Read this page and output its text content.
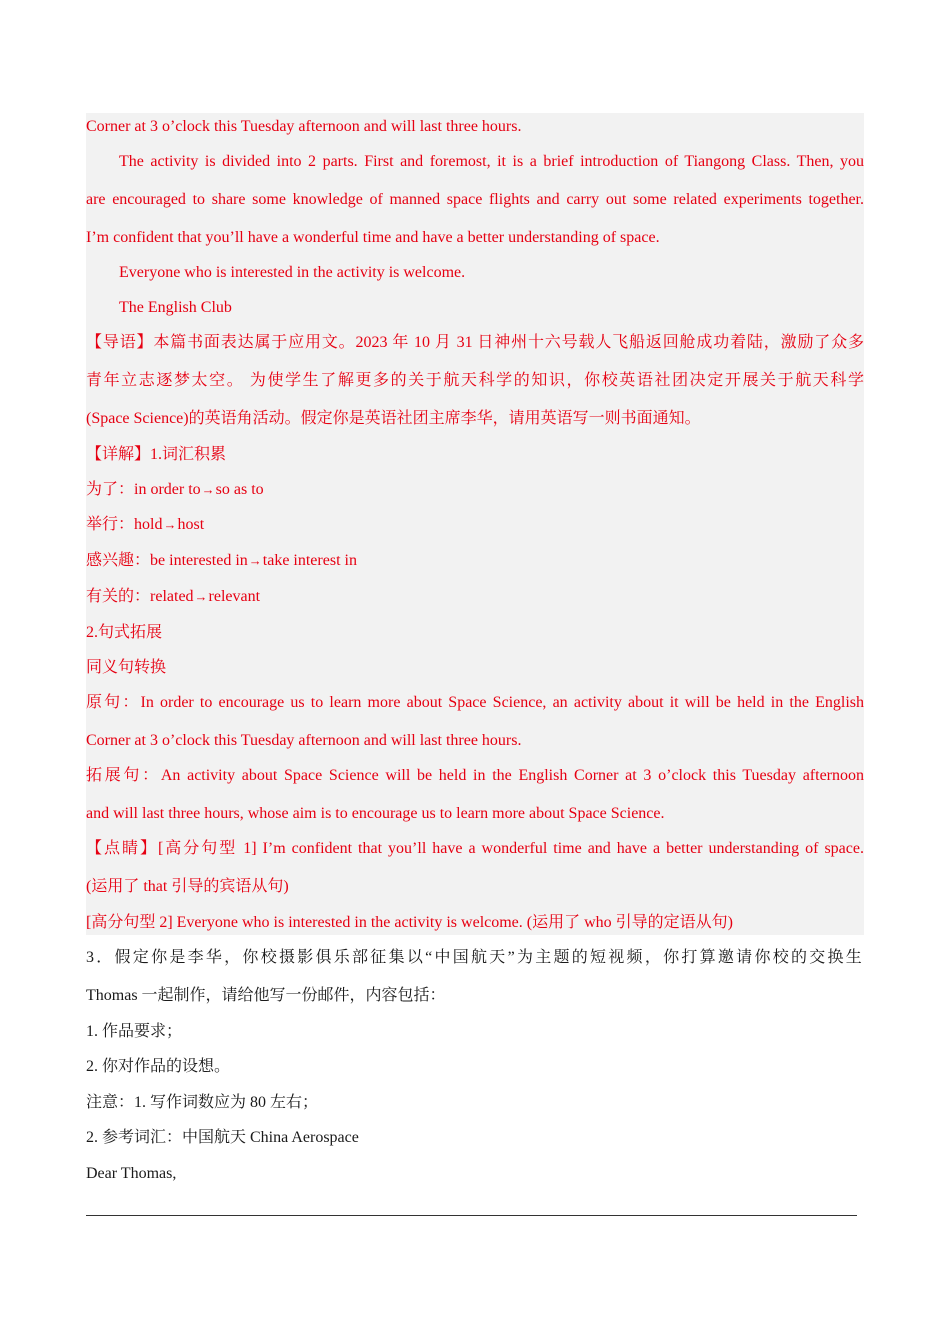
Corner at 3 o’clock this Tuesday afternoon and will last three hours.
The activity is divided into 2 parts. First and foremost, it is a brief introduction of Tiangong Class. Then, you
are encouraged to share some knowledge of manned space flights and carry out some related experiments together.
I’m confident that you’ll have a wonderful time and have a better understanding of space.
Everyone who is interested in the activity is welcome.
The English Club
【导语】本篇书面表达属于应用文。2023 年 10 月 31 日神州十六号载人飞船返回舱成功着陆，激励了众多
青年立志逐梦太空。 为使学生了解更多的关于航天科学的知识，你校英语社团决定开展关于航天科学
(Space Science)的英语角活动。假定你是英语社团主席李华，请用英语写一则书面通知。
【详解】1.词汇积累
为了：in order to→so as to
举行：hold→host
感兴趣：be interested in→take interest in
有关的：related→relevant
2.句式拓展
同义句转换
原句：In order to encourage us to learn more about Space Science, an activity about it will be held in the English
Corner at 3 o’clock this Tuesday afternoon and will last three hours.
拓展句：An activity about Space Science will be held in the English Corner at 3 o’clock this Tuesday afternoon
and will last three hours, whose aim is to encourage us to learn more about Space Science.
【点睛】[高分句型 1] I’m confident that you’ll have a wonderful time and have a better understanding of space.
(运用了 that 引导的宾语从句)
[高分句型 2] Everyone who is interested in the activity is welcome. (运用了 who 引导的定语从句)
3．假定你是李华，你校摄影俱乐部征集以“中国航天”为主题的短视频，你打算邀请你校的交换生
Thomas 一起制作，请给他写一份邮件，内容包括：
1. 作品要求；
2. 你对作品的设想。
注意：1. 写作词数应为 80 左右；
2. 参考词汇：中国航天 China Aerospace
Dear Thomas,
